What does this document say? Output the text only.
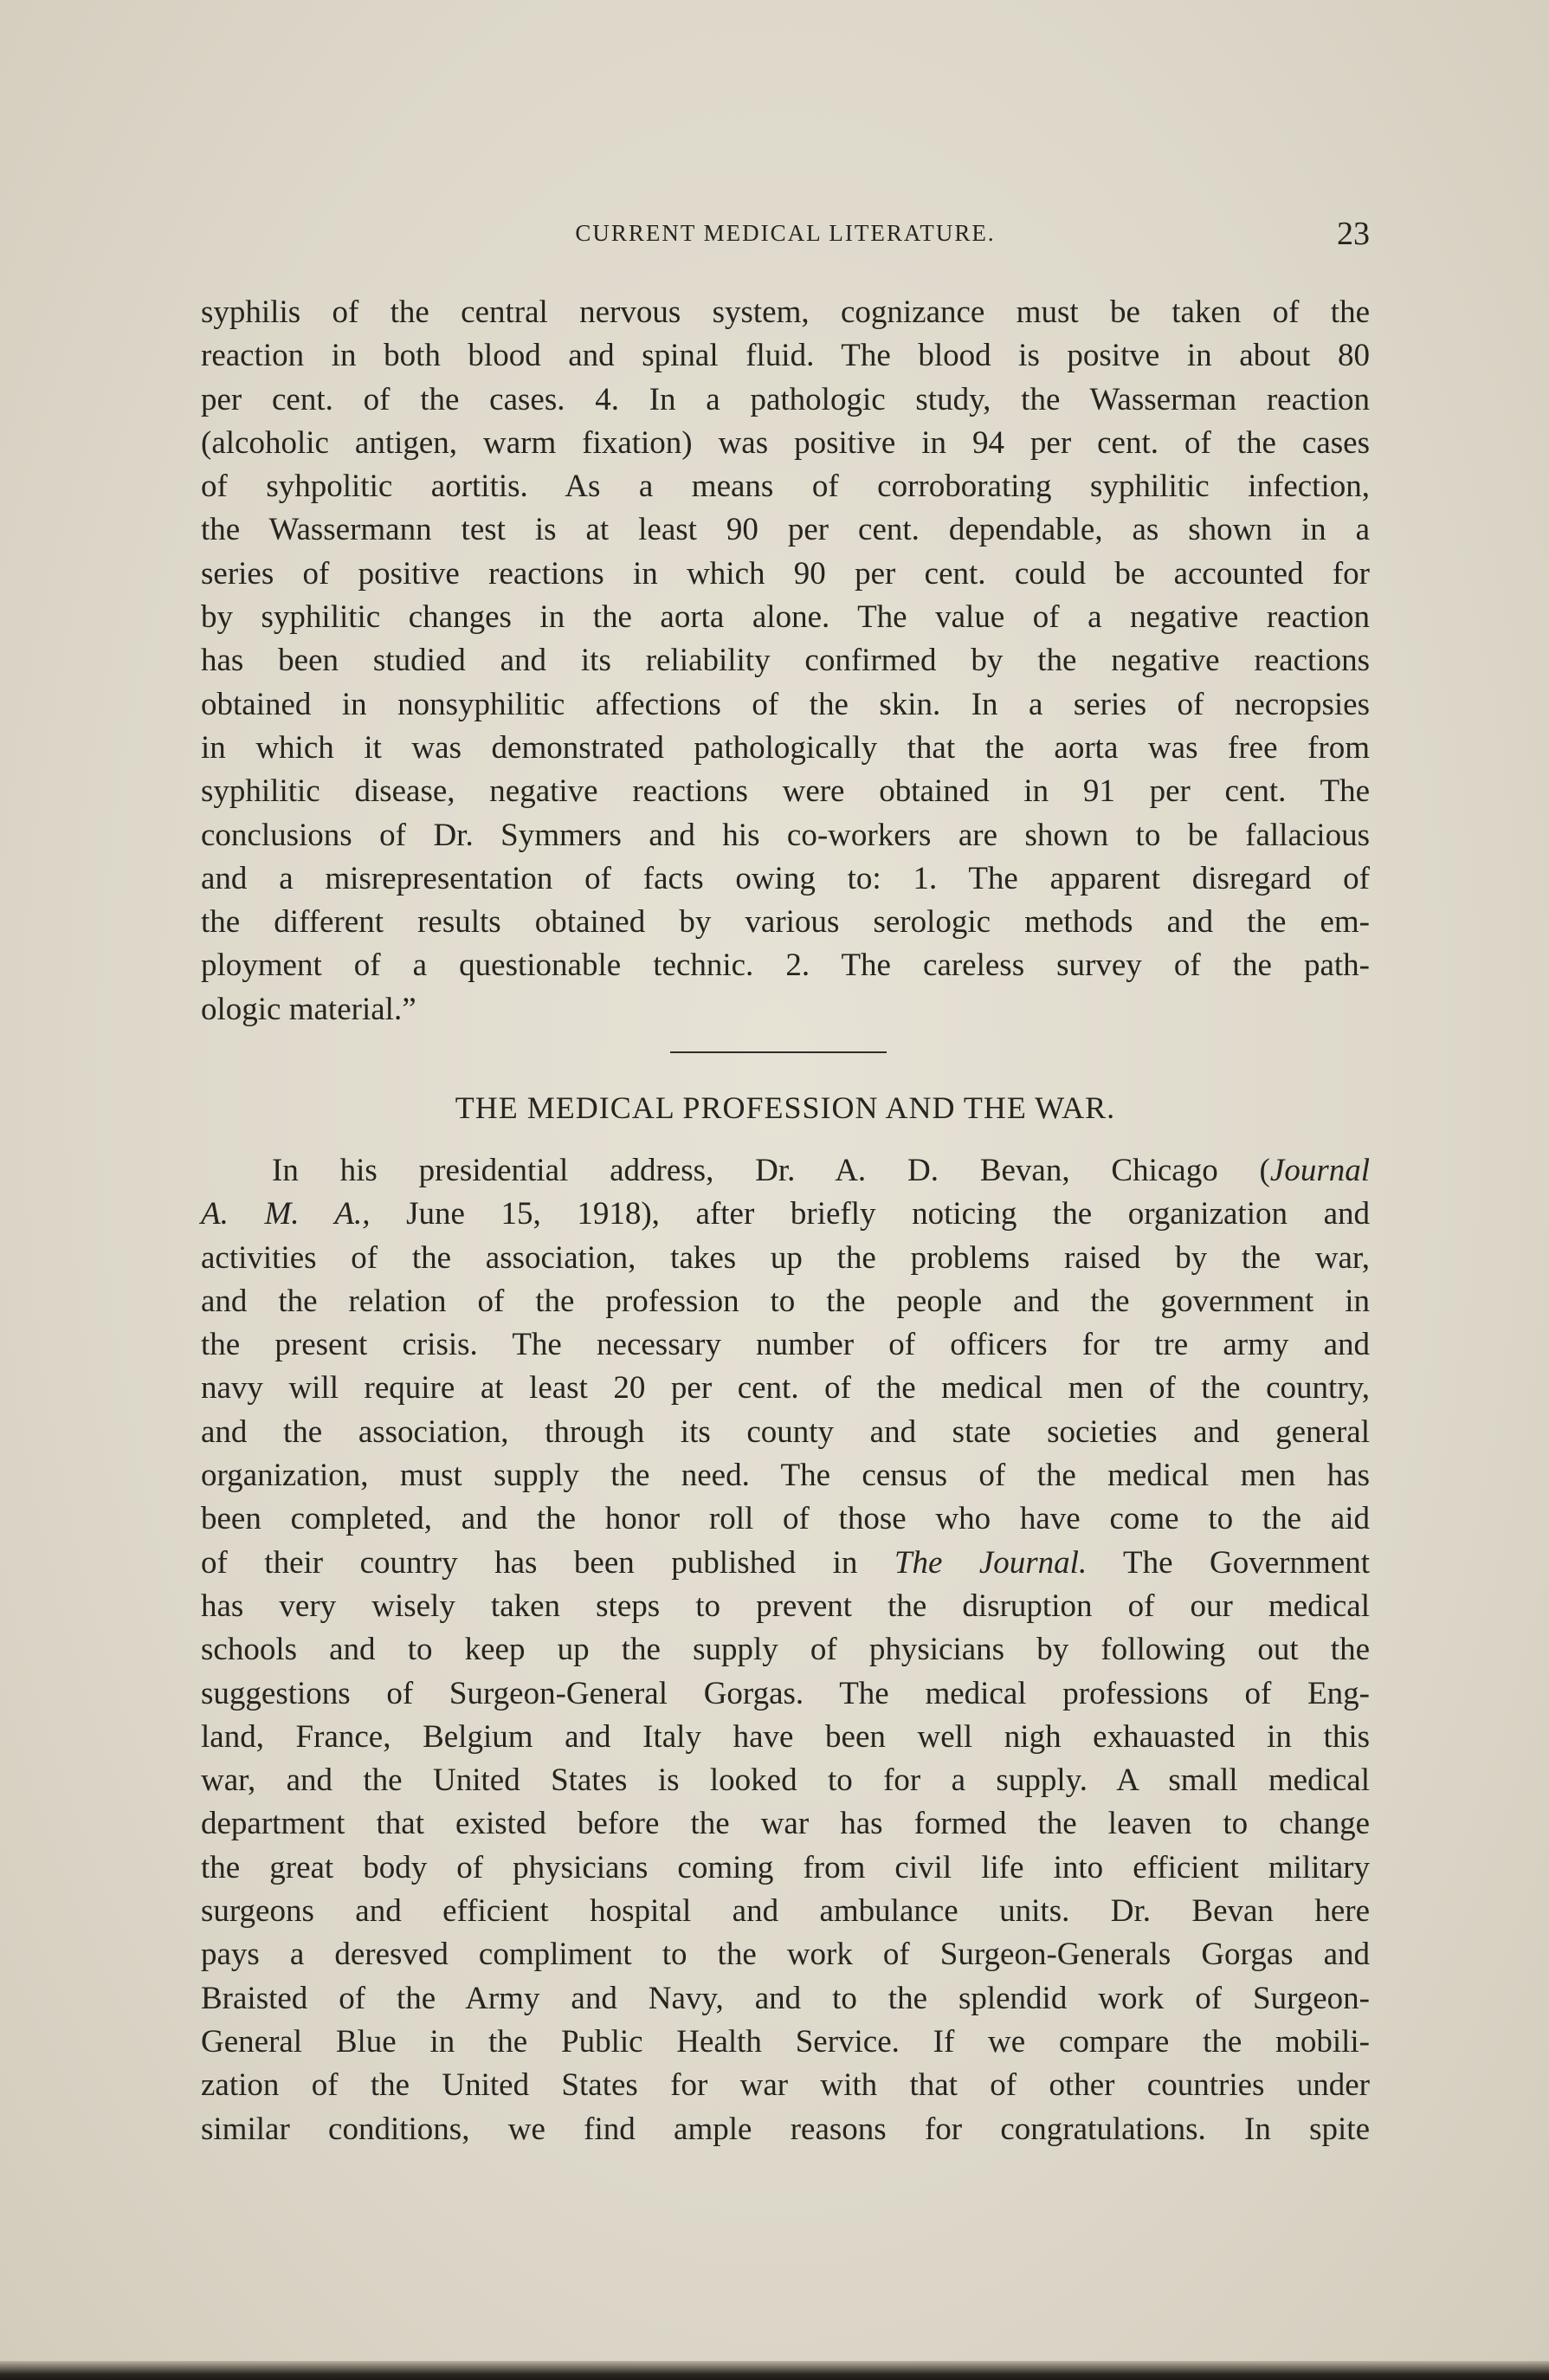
CURRENT MEDICAL LITERATURE.	23
syphilis of the central nervous system, cognizance must be taken of the
reaction in both blood and spinal fluid. The blood is positve in about 80
per cent. of the cases. 4. In a pathologic study, the Wasserman reaction
(alcoholic antigen, warm fixation) was positive in 94 per cent. of the cases
of syhpolitic aortitis. As a means of corroborating syphilitic infection,
the Wassermann test is at least 90 per cent. dependable, as shown in a
series of positive reactions in which 90 per cent. could be accounted for
by syphilitic changes in the aorta alone. The value of a negative reaction
has been studied and its reliability confirmed by the negative reactions
obtained in nonsyphilitic affections of the skin. In a series of necropsies
in which it was demonstrated pathologically that the aorta was free from
syphilitic disease, negative reactions were obtained in 91 per cent. The
conclusions of Dr. Symmers and his co-workers are shown to be fallacious
and a misrepresentation of facts owing to: 1. The apparent disregard of
the different results obtained by various serologic methods and the em-
ployment of a questionable technic. 2. The careless survey of the path-
ologic material.”
THE MEDICAL PROFESSION AND THE WAR.
In his presidential address, Dr. A. D. Bevan, Chicago (Journal
A. M. A., June 15, 1918), after briefly noticing the organization and
activities of the association, takes up the problems raised by the war,
and the relation of the profession to the people and the government in
the present crisis. The necessary number of officers for tre army and
navy will require at least 20 per cent. of the medical men of the country,
and the association, through its county and state societies and general
organization, must supply the need. The census of the medical men has
been completed, and the honor roll of those who have come to the aid
of their country has been published in The Journal. The Government
has very wisely taken steps to prevent the disruption of our medical
schools and to keep up the supply of physicians by following out the
suggestions of Surgeon-General Gorgas. The medical professions of Eng-
land, France, Belgium and Italy have been well nigh exhauasted in this
war, and the United States is looked to for a supply. A small medical
department that existed before the war has formed the leaven to change
the great body of physicians coming from civil life into efficient military
surgeons and efficient hospital and ambulance units. Dr. Bevan here
pays a deresved compliment to the work of Surgeon-Generals Gorgas and
Braisted of the Army and Navy, and to the splendid work of Surgeon-
General Blue in the Public Health Service. If we compare the mobili-
zation of the United States for war with that of other countries under
similar conditions, we find ample reasons for congratulations. In spite
